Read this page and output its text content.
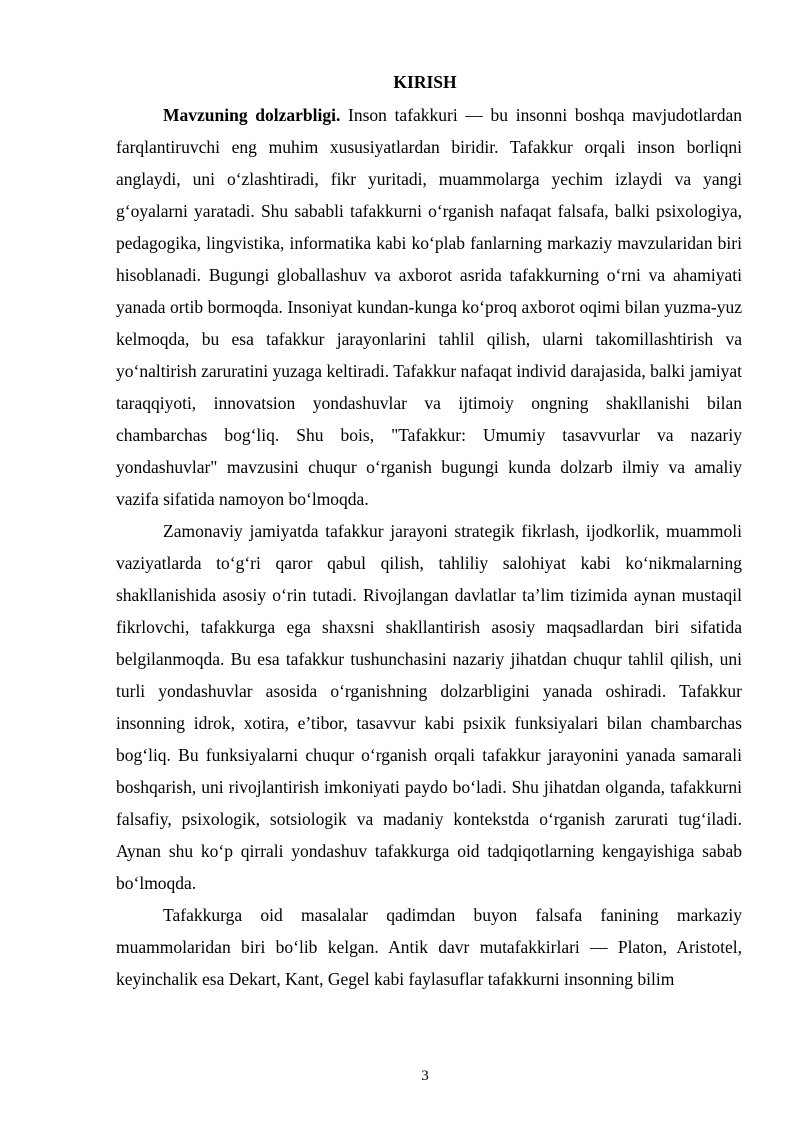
KIRISH

Mavzuning dolzarbligi. Inson tafakkuri — bu insonni boshqa mavjudotlardan farqlantiruvchi eng muhim xususiyatlardan biridir. Tafakkur orqali inson borliqni anglaydi, uni o‘zlashtiradi, fikr yuritadi, muammolarga yechim izlaydi va yangi g‘oyalarni yaratadi. Shu sababli tafakkurni o‘rganish nafaqat falsafa, balki psixologiya, pedagogika, lingvistika, informatika kabi ko‘plab fanlarning markaziy mavzularidan biri hisoblanadi. Bugungi globallashuv va axborot asrida tafakkurning o‘rni va ahamiyati yanada ortib bormoqda. Insoniyat kundan-kunga ko‘proq axborot oqimi bilan yuzma-yuz kelmoqda, bu esa tafakkur jarayonlarini tahlil qilish, ularni takomillashtirish va yo‘naltirish zaruratini yuzaga keltiradi. Tafakkur nafaqat individ darajasida, balki jamiyat taraqqiyoti, innovatsion yondashuvlar va ijtimoiy ongning shakllanishi bilan chambarchas bog‘liq. Shu bois, "Tafakkur: Umumiy tasavvurlar va nazariy yondashuvlar" mavzusini chuqur o‘rganish bugungi kunda dolzarb ilmiy va amaliy vazifa sifatida namoyon bo‘lmoqda.

Zamonaviy jamiyatda tafakkur jarayoni strategik fikrlash, ijodkorlik, muammoli vaziyatlarda to‘g‘ri qaror qabul qilish, tahliliy salohiyat kabi ko‘nikmalarning shakllanishida asosiy o‘rin tutadi. Rivojlangan davlatlar ta’lim tizimida aynan mustaqil fikrlovchi, tafakkurga ega shaxsni shakllantirish asosiy maqsadlardan biri sifatida belgilanmoqda. Bu esa tafakkur tushunchasini nazariy jihatdan chuqur tahlil qilish, uni turli yondashuvlar asosida o‘rganishning dolzarbligini yanada oshiradi. Tafakkur insonning idrok, xotira, e’tibor, tasavvur kabi psixik funksiyalari bilan chambarchas bog‘liq. Bu funksiyalarni chuqur o‘rganish orqali tafakkur jarayonini yanada samarali boshqarish, uni rivojlantirish imkoniyati paydo bo‘ladi. Shu jihatdan olganda, tafakkurni falsafiy, psixologik, sotsiologik va madaniy kontekstda o‘rganish zarurati tug‘iladi. Aynan shu ko‘p qirrali yondashuv tafakkurga oid tadqiqotlarning kengayishiga sabab bo‘lmoqda.

Tafakkurga oid masalalar qadimdan buyon falsafa fanining markaziy muammolaridan biri bo‘lib kelgan. Antik davr mutafakkirlari — Platon, Aristotel, keyinchalik esa Dekart, Kant, Gegel kabi faylasuflar tafakkurni insonning bilim

3
